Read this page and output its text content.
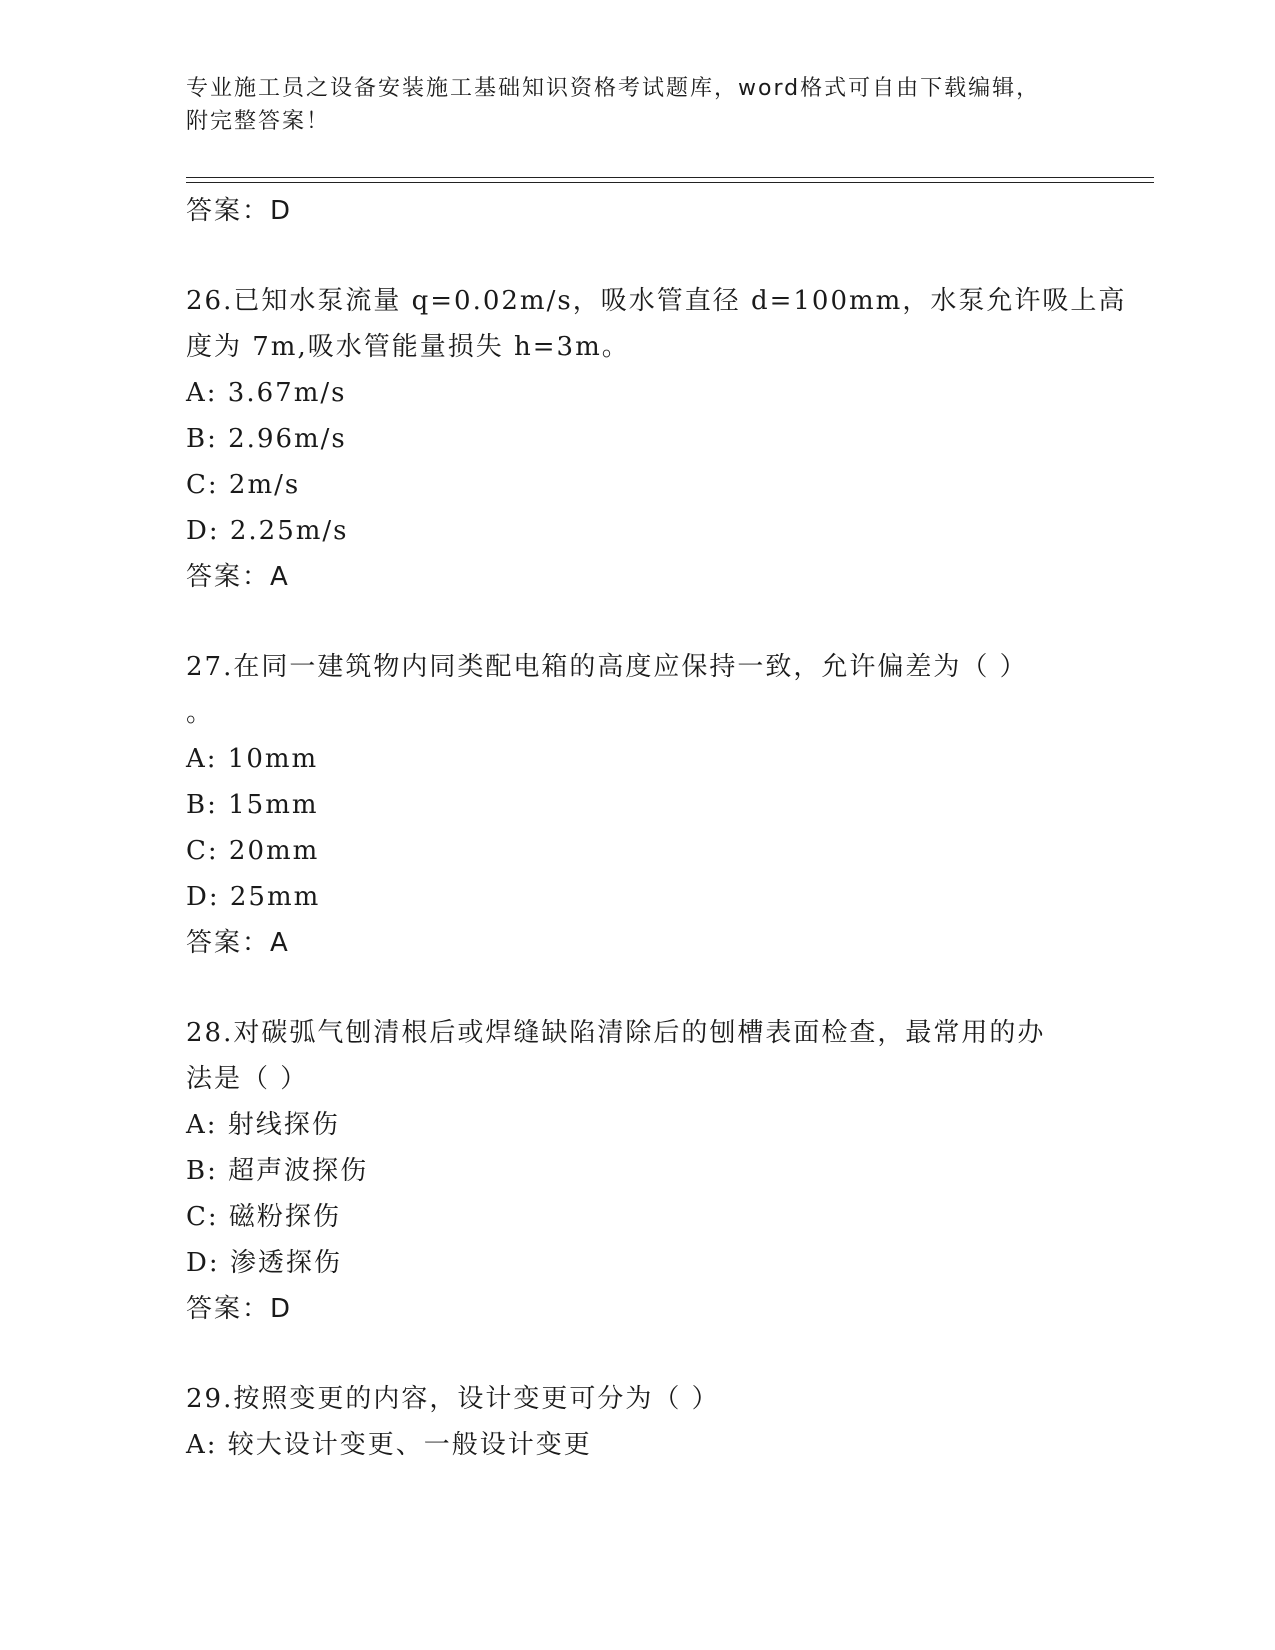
专业施工员之设备安装施工基础知识资格考试题库，word格式可自由下载编辑，
附完整答案！
答案：D
26.已知水泵流量 q=0.02m/s，吸水管直径 d=100mm，水泵允许吸上高
度为 7m,吸水管能量损失 h=3m。
A: 3.67m/s
B: 2.96m/s
C: 2m/s
D: 2.25m/s
答案：A
27.在同一建筑物内同类配电箱的高度应保持一致，允许偏差为（ ）
。
A: 10mm
B: 15mm
C: 20mm
D: 25mm
答案：A
28.对碳弧气刨清根后或焊缝缺陷清除后的刨槽表面检查，最常用的办
法是（ ）
A: 射线探伤
B: 超声波探伤
C: 磁粉探伤
D: 渗透探伤
答案：D
29.按照变更的内容，设计变更可分为（ ）
A: 较大设计变更、一般设计变更
